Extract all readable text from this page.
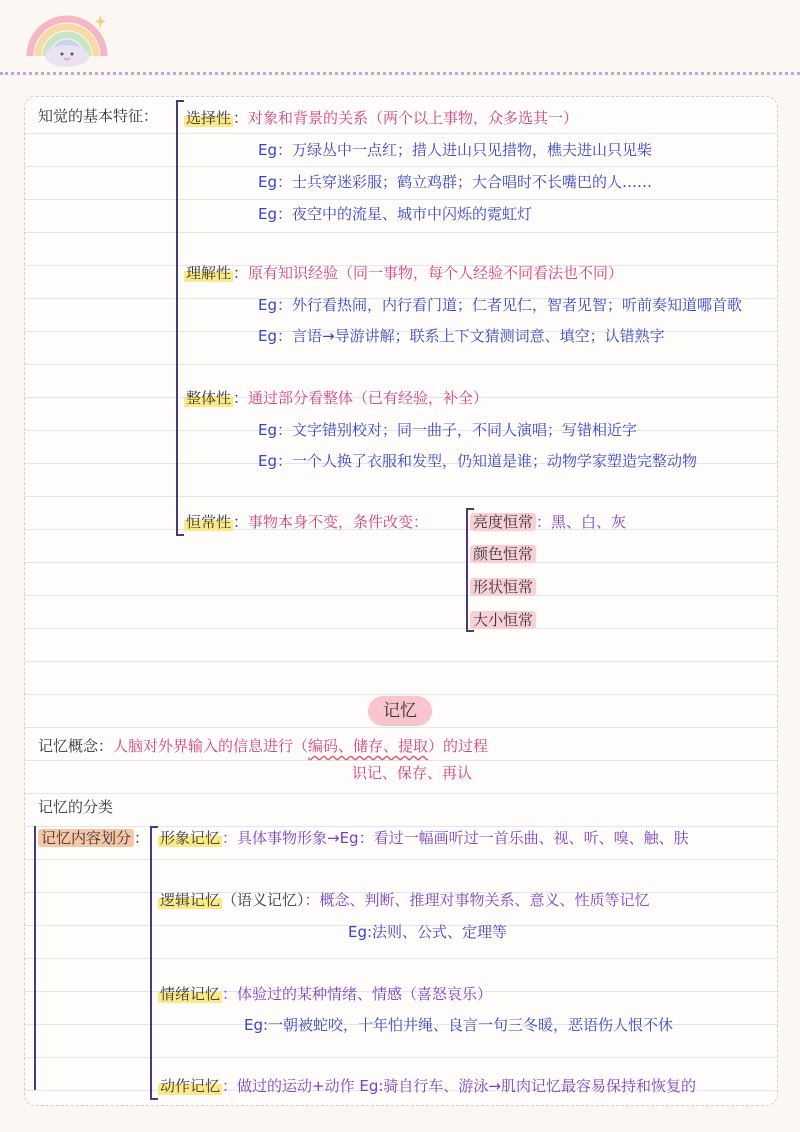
知觉的基本特征： 选择性 ：对象和背景的关系（两个以上事物，众多选其一）
Eg：万绿丛中一点红；措人进山只见措物，樵夫进山只见柴
Eg：士兵穿迷彩服；鹤立鸡群；大合唱时不长嘴巴的人……
Eg：夜空中的流星、城市中闪烁的霓虹灯
理解性 ：原有知识经验（同一事物，每个人经验不同看法也不同）
Eg：外行看热闹，内行看门道；仁者见仁，智者见智；听前奏知道哪首歌
Eg：言语→导游讲解；联系上下文猜测词意、填空；认错熟字
整体性 ：通过部分看整体（已有经验，补全）
Eg：文字错别校对；同一曲子，不同人演唱；写错相近字
Eg：一个人换了衣服和发型，仍知道是谁；动物学家塑造完整动物
恒常性 ：事物本身不变，条件改变：	亮度恒常 ：黑、白、灰
颜色恒常
形状恒常
大小恒常
记忆
记忆概念：人脑对外界输入的信息进行（编码、储存、提取）的过程
识记、保存、再认
记忆的分类
记忆内容划分 ： 形象记忆 ：具体事物形象→Eg：看过一幅画听过一首乐曲、视、听、嗅、触、肤
逻辑记忆 （语义记忆）：概念、判断、推理对事物关系、意义、性质等记忆
Eg:法则、公式、定理等
情绪记忆 ：体验过的某种情绪、情感（喜怒哀乐）
Eg:一朝被蛇咬，十年怕井绳、良言一句三冬暖，恶语伤人恨不休
动作记忆 ：做过的运动+动作 Eg:骑自行车、游泳→肌肉记忆最容易保持和恢复的
